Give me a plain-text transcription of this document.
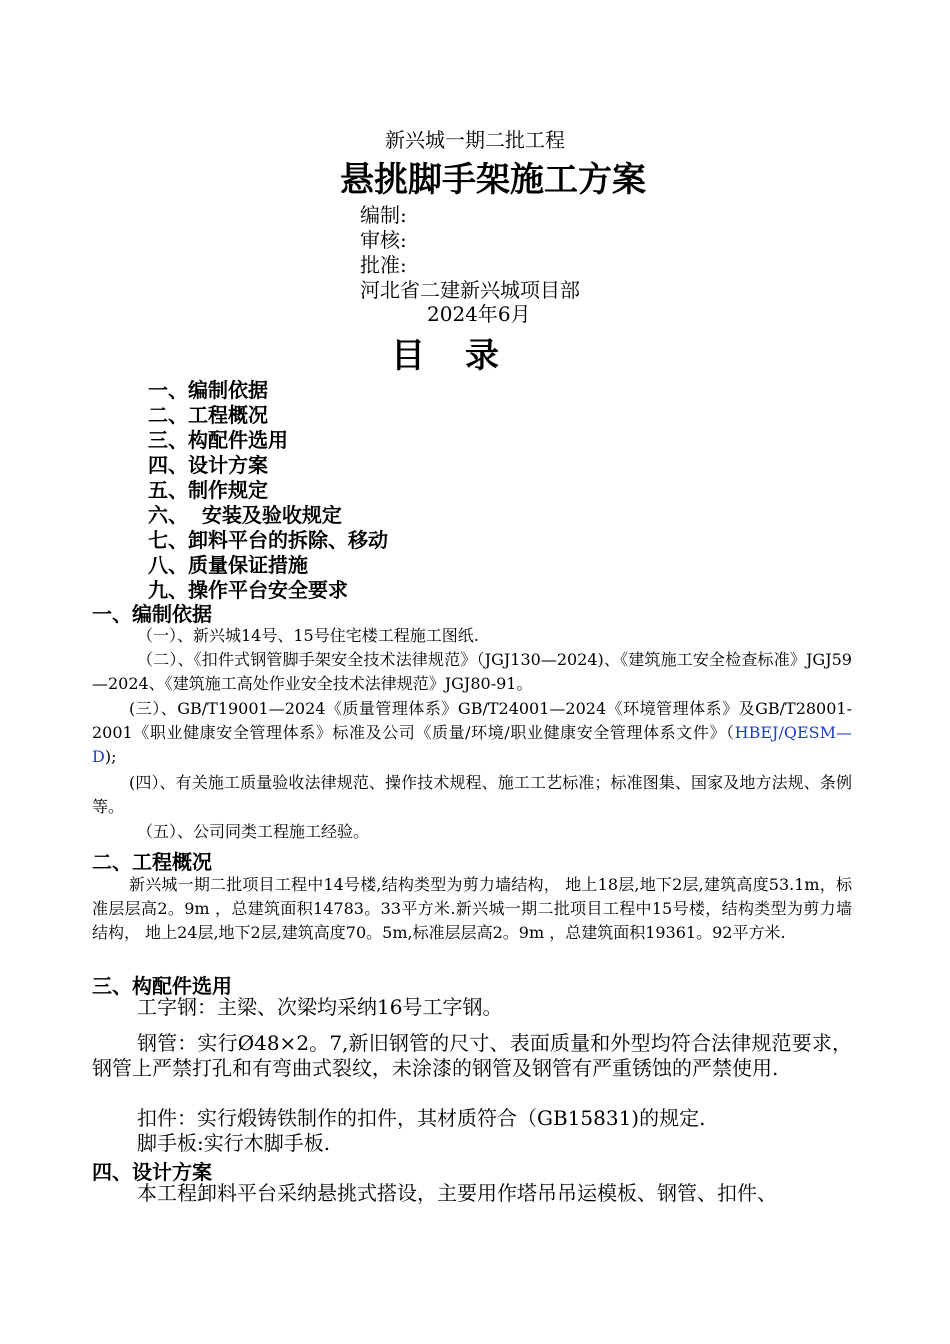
新兴城一期二批工程
悬挑脚手架施工方案
编制:
审核:
批准:
河北省二建新兴城项目部
2024年6月
目录
一、编制依据
二、工程概况
三、构配件选用
四、设计方案
五、制作规定
六、  安装及验收规定
七、卸料平台的拆除、移动
八、质量保证措施
九、操作平台安全要求
一、编制依据
（一）、新兴城14号、15号住宅楼工程施工图纸.
（二）、《扣件式钢管脚手架安全技术法律规范》（JGJ130—2024)、《建筑施工安全检查标准》JGJ59—2024、《建筑施工高处作业安全技术法律规范》JGJ80-91。
(三）、GB/T19001—2024《质量管理体系》GB/T24001—2024《环境管理体系》及GB/T28001-2001《职业健康安全管理体系》标准及公司《质量/环境/职业健康安全管理体系文件》（HBEJ/QESM—D);
(四）、有关施工质量验收法律规范、操作技术规程、施工工艺标准；标准图集、国家及地方法规、条例等。
（五）、公司同类工程施工经验。
二、工程概况
新兴城一期二批项目工程中14号楼,结构类型为剪力墙结构， 地上18层,地下2层,建筑高度53.1m，标准层层高2。9m ，总建筑面积14783。33平方米.新兴城一期二批项目工程中15号楼，结构类型为剪力墙结构， 地上24层,地下2层,建筑高度70。5m,标准层层高2。9m ，总建筑面积19361。92平方米.
三、构配件选用
工字钢：主梁、次梁均采纳16号工字钢。
钢管：实行Ø48×2。7,新旧钢管的尺寸、表面质量和外型均符合法律规范要求，钢管上严禁打孔和有弯曲式裂纹，未涂漆的钢管及钢管有严重锈蚀的严禁使用.
扣件：实行煅铸铁制作的扣件，其材质符合（GB15831)的规定.
脚手板:实行木脚手板.
四、设计方案
本工程卸料平台采纳悬挑式搭设，主要用作塔吊吊运模板、钢管、扣件、
